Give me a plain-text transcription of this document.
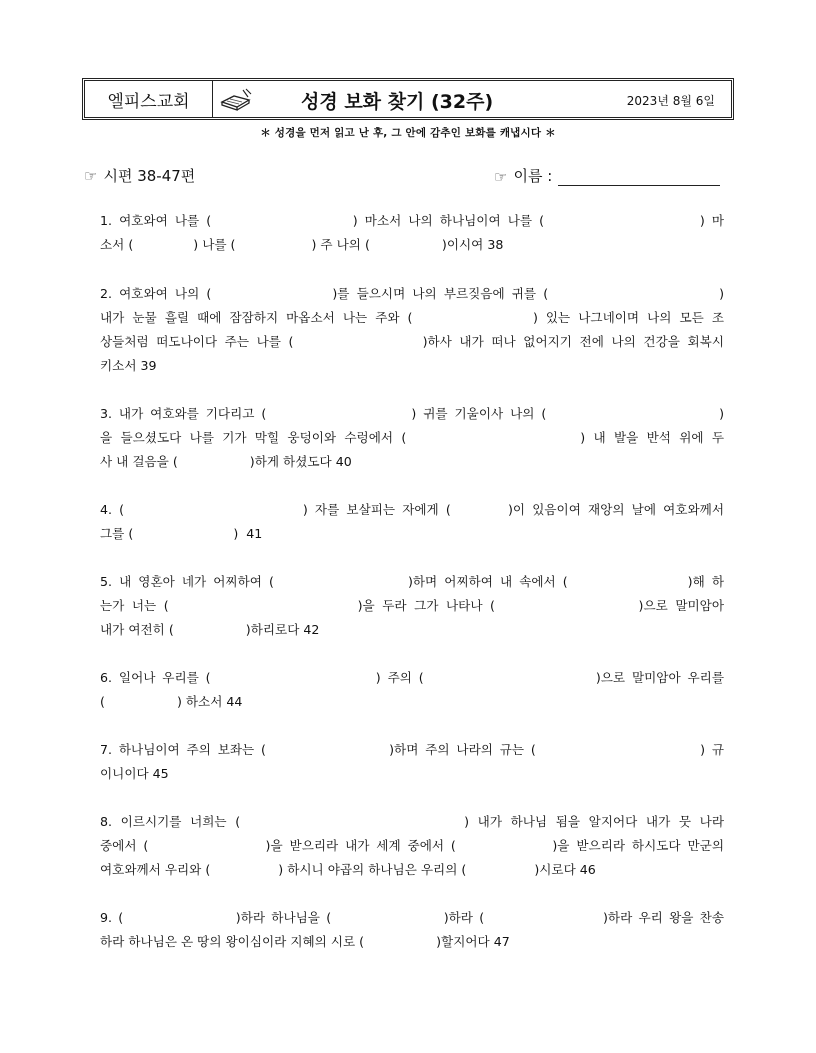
엘피스교회	성경 보화 찾기 (32주)	2023년 8월 6일
＊ 성경을 먼저 읽고 난 후, 그 안에 감추인 보화를 캐냅시다 ＊
☞ 시편 38-47편	☞ 이름 :
1. 여호와여 나를 (                    ) 마소서 나의 하나님이여 나를 (                      ) 마
소서 (               ) 나를 (                   ) 주 나의 (                  )이시여 38
2. 여호와여 나의 (                 )를 들으시며 나의 부르짖음에 귀를 (                        )
내가 눈물 흘릴 때에 잠잠하지 마옵소서 나는 주와 (               ) 있는 나그네이며 나의 모든 조
상들처럼 떠도나이다 주는 나를 (                 )하사 내가 떠나 없어지기 전에 나의 건강을 회복시
키소서 39
3. 내가 여호와를 기다리고 (                     ) 귀를 기울이사 나의 (                         )
을 들으셨도다 나를 기가 막힐 웅덩이와 수렁에서 (                     ) 내 발을 반석 위에 두
사 내 걸음을 (                  )하게 하셨도다 40
4. (                         ) 자를 보살피는 자에게 (        )이 있음이여 재앙의 날에 여호와께서
그를 (                         )  41
5. 내 영혼아 네가 어찌하여 (                   )하며 어찌하여 내 속에서 (                 )해 하
는가 너는 (                         )을 두라 그가 나타나 (                   )으로 말미암아
내가 여전히 (                  )하리로다 42
6. 일어나 우리를 (                        ) 주의 (                         )으로 말미암아 우리를
(                  ) 하소서 44
7. 하나님이여 주의 보좌는 (                  )하며 주의 나라의 규는 (                        ) 규
이니이다 45
8. 이르시기를 너희는 (                          ) 내가 하나님 됨을 알지어다 내가 뭇 나라
중에서 (                 )을 받으리라 내가 세계 중에서 (              )을 받으리라 하시도다 만군의
여호와께서 우리와 (                 ) 하시니 야곱의 하나님은 우리의 (                 )시로다 46
9. (                  )하라 하나님을 (                  )하라 (                   )하라 우리 왕을 찬송
하라 하나님은 온 땅의 왕이심이라 지혜의 시로 (                  )할지어다 47
